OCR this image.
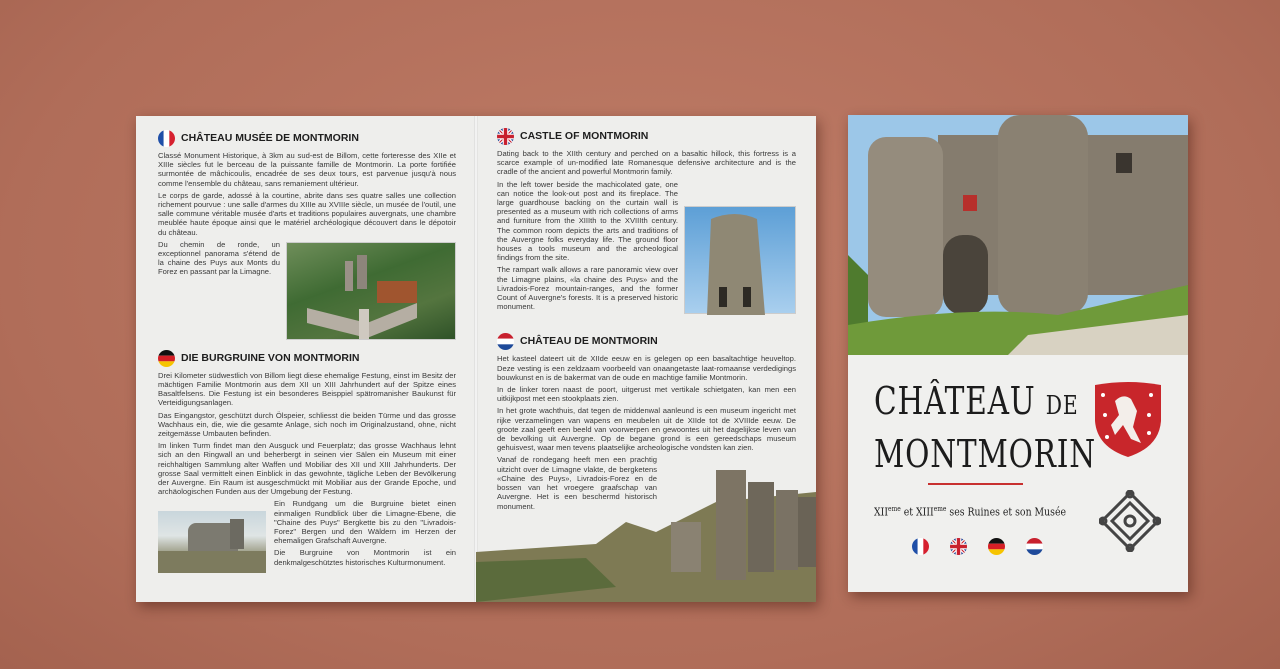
CHÂTEAU MUSÉE DE MONTMORIN

Classé Monument Historique, à 3km au sud-est de Billom, cette forteresse des XIIe et XIIIe siècles fut le berceau de la puissante famille de Montmorin. La porte fortifiée surmontée de mâchicoulis, encadrée de ses deux tours, est parvenue jusqu'à nous comme l'ensemble du château, sans remaniement ultérieur.

Le corps de garde, adossé à la courtine, abrite dans ses quatre salles une collection richement pourvue : une salle d'armes du XIIIe au XVIIIe siècle, un musée de l'outil, une salle commune véritable musée d'arts et traditions populaires auvergnats, une chambre meublée haute époque ainsi que le matériel archéologique découvert dans le dépotoir du château.

Du chemin de ronde, un exceptionnel panorama s'étend de la chaine des Puys aux Monts du Forez en passant par la Limagne.

DIE BURGRUINE VON MONTMORIN

Drei Kilometer südwestlich von Billom liegt diese ehemalige Festung, einst im Besitz der mächtigen Familie Montmorin aus dem XII un XIII Jahrhundert auf der Spitze eines Basaltfelsens. Die Festung ist ein besonderes Beisppiel spätromanisher Baukunst für Verteidigungsanlagen.

Das Eingangstor, geschützt durch Ölspeier, schliesst die beiden Türme und das grosse Wachhaus ein, die, wie die gesamte Anlage, sich noch im Originalzustand, ohne, nicht zeitgemässe Umbauten befinden.

Im linken Turm findet man den Ausguck und Feuerplatz; das grosse Wachhaus lehnt sich an den Ringwall an und beherbergt in seinen vier Sälen ein Museum mit einer reichhaltigen Sammlung alter Waffen und Mobiliar des XII und XIII Jahrhunderts. Der grosse Saal vermittelt einen Einblick in das gewohnte, tägliche Leben der Bevölkerung der Auvergne. Ein Raum ist ausgeschmückt mit Mobiliar aus der Grande Epoche, und archäologischen Funden aus der Umgebung der Festung.

Ein Rundgang um die Burgruine bietet einen einmaligen Rundblick über die Limagne-Ebene, die "Chaine des Puys" Bergkette bis zu den "Livradois-Forez" Bergen und den Wäldern im Herzen der ehemaligen Grafschaft Auvergne.

Die Burgruine von Montmorin ist ein denkmalgeschütztes historisches Kulturmonument.

CASTLE OF MONTMORIN

Dating back to the XIIth century and perched on a basaltic hillock, this fortress is a scarce example of un-modified late Romanesque defensive architecture and is the cradle of the ancient and powerful Montmorin family.

In the left tower beside the machicolated gate, one can notice the look-out post and its fireplace. The large guardhouse backing on the curtain wall is presented as a museum with rich collections of arms and furniture from the XIIIth to the XVIIIth century. The common room depicts the arts and traditions of the Auvergne folks everyday life. The ground floor houses a tools museum and the archeological findings from the site.

The rampart walk allows a rare panoramic view over the Limagne plains, «la chaine des Puys» and the Livradois-Forez mountain-ranges, and the former Count of Auvergne's forests. It is a preserved historic monument.

CHÂTEAU DE MONTMORIN

Het kasteel dateert uit de XIIde eeuw en is gelegen op een basaltachtige heuveltop. Deze vesting is een zeldzaam voorbeeld van onaangetaste laat-romaanse verdedigings bouwkunst en is de bakermat van de oude en machtige familie Montmorin.

In de linker toren naast de poort, uitgerust met vertikale schietgaten, kan men een uitkijkpost met een stookplaats zien.

In het grote wachthuis, dat tegen de middenwal aanleund is een museum ingericht met rijke verzamelingen van wapens en meubelen uit de XIIde tot de XVIIIde eeuw. De groote zaal geeft een beeld van voorwerpen en gewoontes uit het dagelijkse leven van de bevolking uit Auvergne. Op de begane grond is een gereedschaps museum gehuisvest, waar men tevens plaatselijke archeologische vondsten kan zien.

Vanaf de rondegang heeft men een prachtig uitzicht over de Limagne vlakte, de bergketens «Chaine des Puys», Livradois-Forez en de bossen van het vroegere graafschap van Auvergne. Het is een beschermd historisch monument.

CHÂTEAU DE
MONTMORIN
XIIeme et XIIIeme ses Ruines et son Musée
